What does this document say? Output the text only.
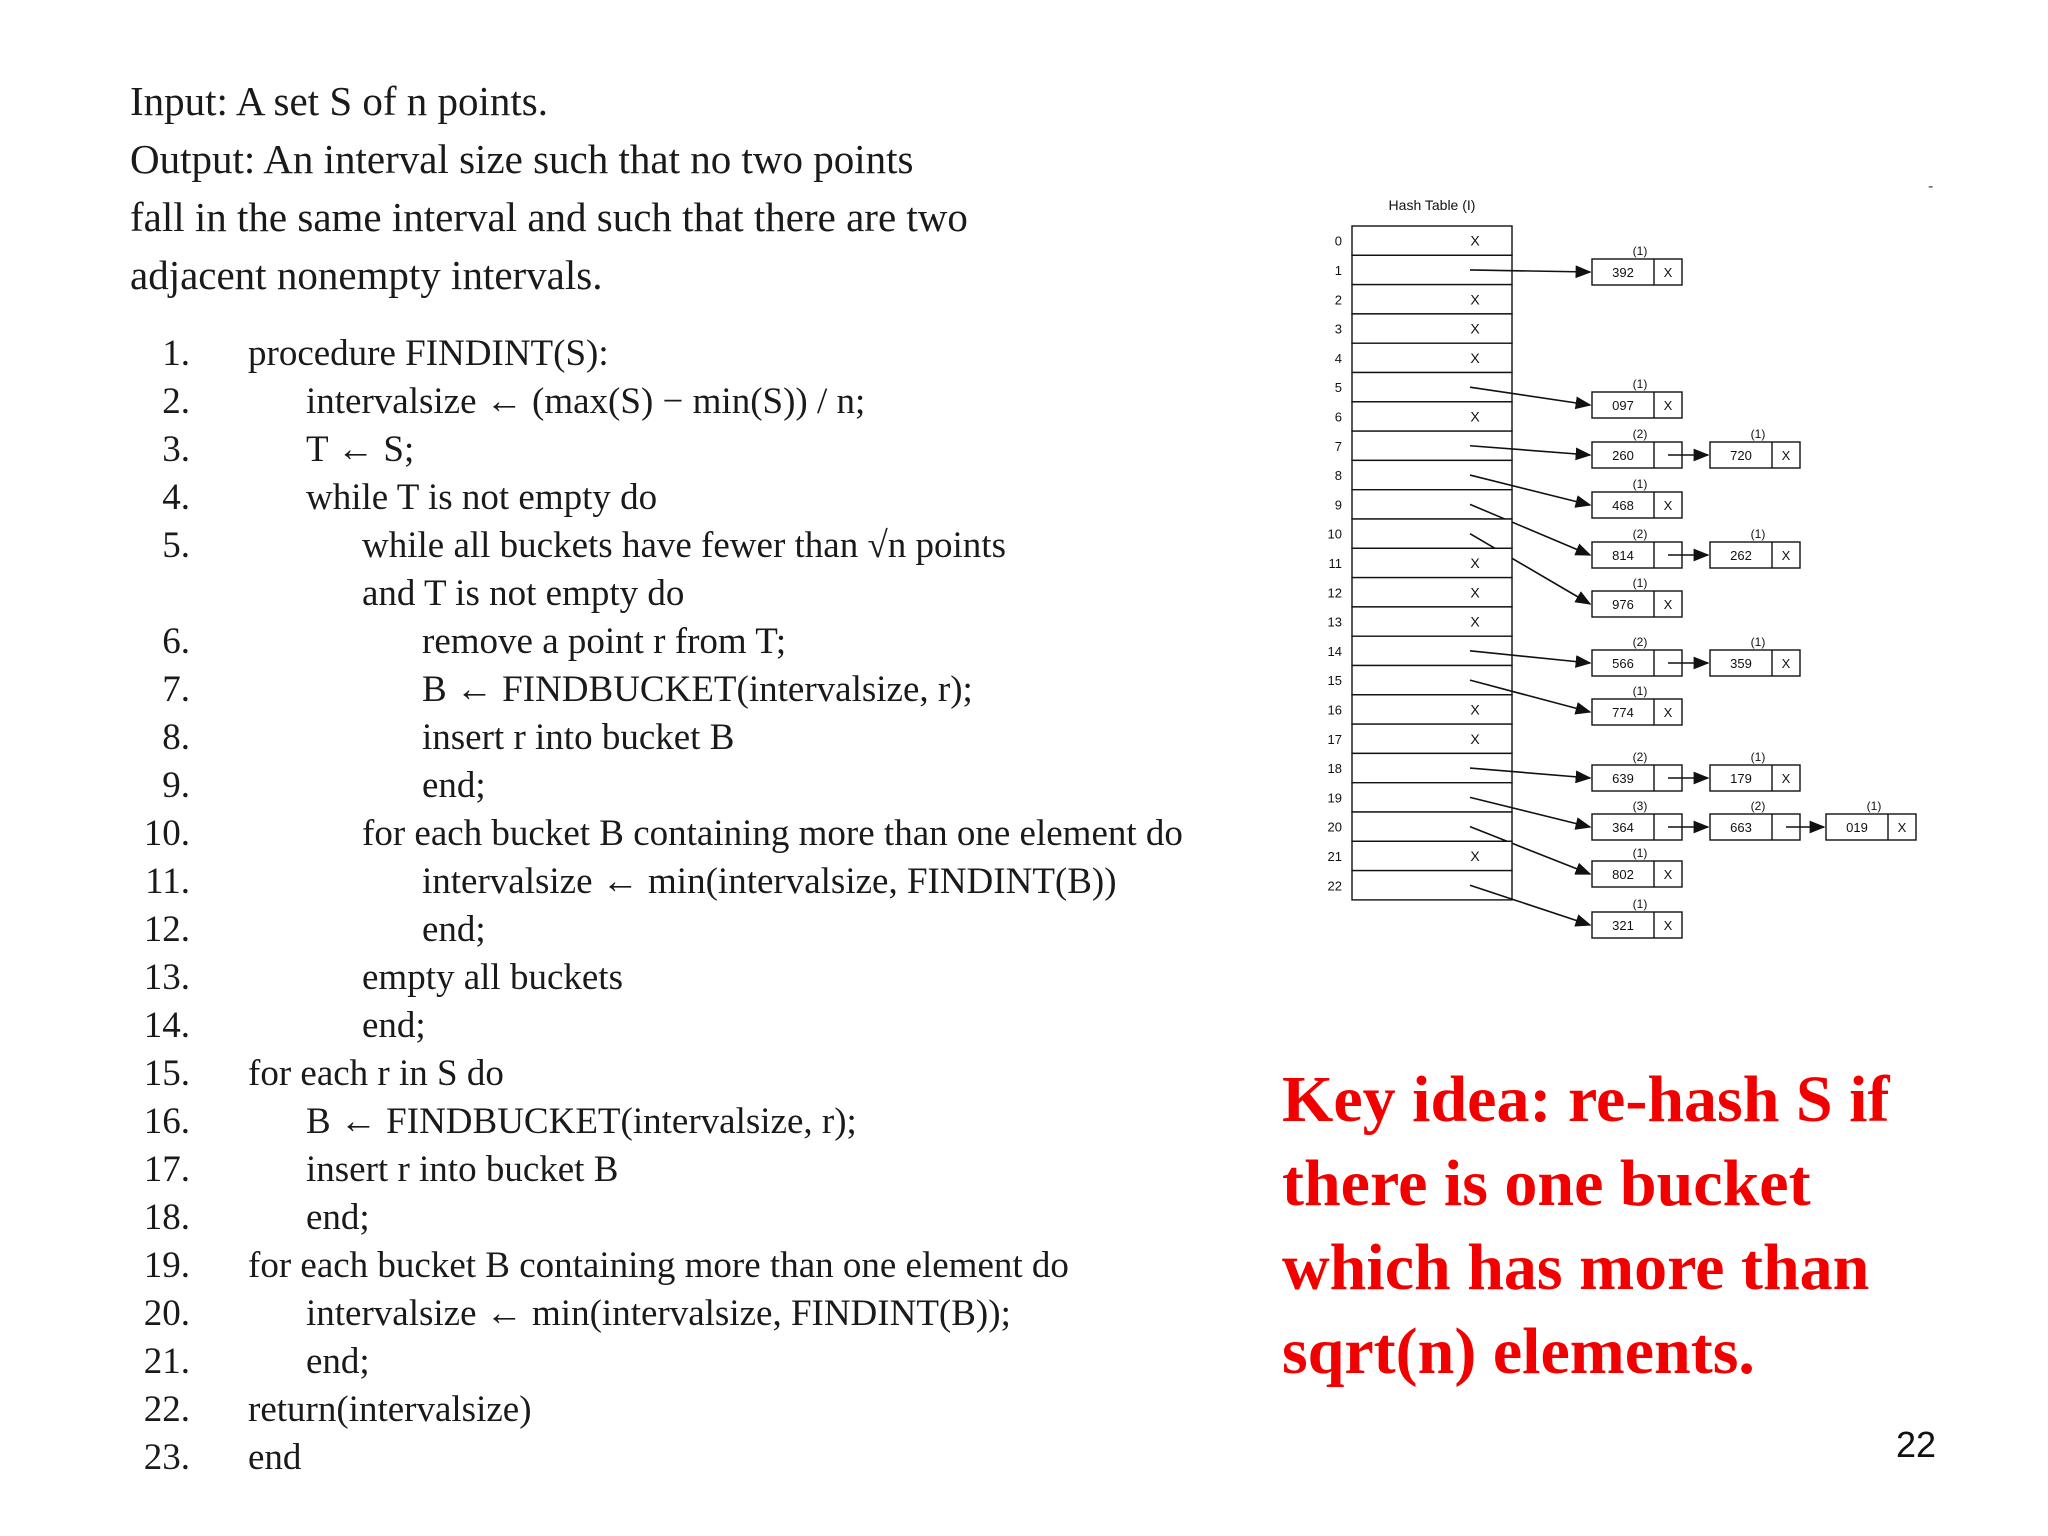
Input: A set S of n points.
Output: An interval size such that no two points
fall in the same interval and such that there are two
adjacent nonempty intervals.
1. procedure FINDINT(S):
2.	intervalsize ← (max(S) − min(S)) / n;
3.	T ← S;
4.	while T is not empty do
5.	while all buckets have fewer than √n points
and T is not empty do
6.	remove a point r from T;
7.	B ← FINDBUCKET(intervalsize, r);
8.	insert r into bucket B
9.	end;
10.	for each bucket B containing more than one element do
11.	intervalsize ← min(intervalsize, FINDINT(B))
12.	end;
13.	empty all buckets
14.	end;
15. for each r in S do
16.	B ← FINDBUCKET(intervalsize, r);
17.	insert r into bucket B
18.	end;
19. for each bucket B containing more than one element do
20.	intervalsize ← min(intervalsize, FINDINT(B));
21.	end;
22. return(intervalsize)
23. end
-
Hash Table (I)
0	X
1
(1)
392 X
2	X
3	X
4	X
5	(1)
097 X
6	X
7
(2)
260
(1)
720 X
8
(1)
468 X
9
(2)
814
(1)
262 X
10
(1)
976 X
11	X
12	X
13	X
14
(2)
566
(1)
359 X
15
(1)
774 X
16	X
17	X
18
(2)
639
(1)
179 X
19
(3)
364
(2)
663
(1)
019 X
20
(1)
802 X
21	X
22
(1)
321 X
Key idea: re-hash S if
there is one bucket
which has more than
sqrt(n) elements.
22
